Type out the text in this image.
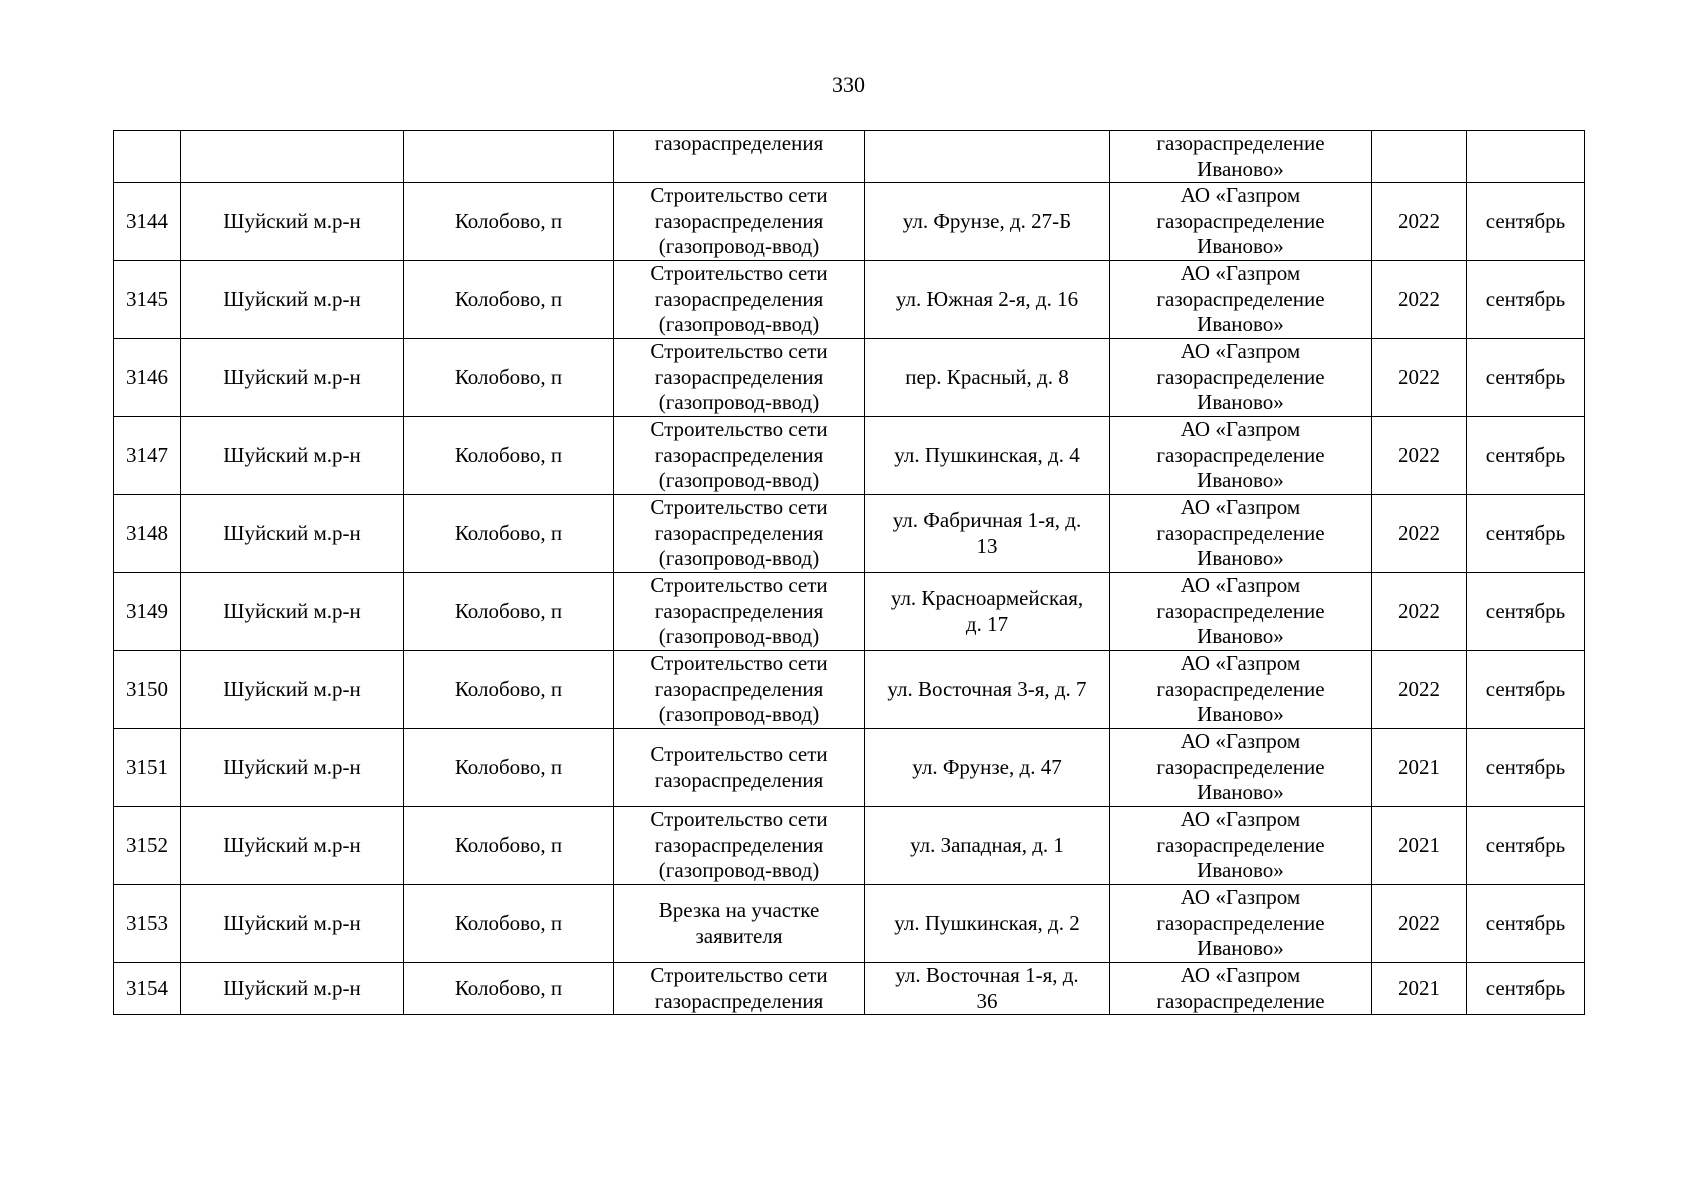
330

			газораспределения		газораспределение
Иваново»		

3144	Шуйский м.р-н	Колобово, п	Строительство сети
газораспределения
(газопровод-ввод)	ул. Фрунзе, д. 27-Б	АО «Газпром
газораспределение
Иваново»	2022	сентябрь

3145	Шуйский м.р-н	Колобово, п	Строительство сети
газораспределения
(газопровод-ввод)	ул. Южная 2-я, д. 16	АО «Газпром
газораспределение
Иваново»	2022	сентябрь

3146	Шуйский м.р-н	Колобово, п	Строительство сети
газораспределения
(газопровод-ввод)	пер. Красный, д. 8	АО «Газпром
газораспределение
Иваново»	2022	сентябрь

3147	Шуйский м.р-н	Колобово, п	Строительство сети
газораспределения
(газопровод-ввод)	ул. Пушкинская, д. 4	АО «Газпром
газораспределение
Иваново»	2022	сентябрь

3148	Шуйский м.р-н	Колобово, п	Строительство сети
газораспределения
(газопровод-ввод)	ул. Фабричная 1-я, д.
13	АО «Газпром
газораспределение
Иваново»	2022	сентябрь

3149	Шуйский м.р-н	Колобово, п	Строительство сети
газораспределения
(газопровод-ввод)	ул. Красноармейская,
д. 17	АО «Газпром
газораспределение
Иваново»	2022	сентябрь

3150	Шуйский м.р-н	Колобово, п	Строительство сети
газораспределения
(газопровод-ввод)	ул. Восточная 3-я, д. 7	АО «Газпром
газораспределение
Иваново»	2022	сентябрь

3151	Шуйский м.р-н	Колобово, п	Строительство сети
газораспределения	ул. Фрунзе, д. 47	АО «Газпром
газораспределение
Иваново»	2021	сентябрь

3152	Шуйский м.р-н	Колобово, п	Строительство сети
газораспределения
(газопровод-ввод)	ул. Западная, д. 1	АО «Газпром
газораспределение
Иваново»	2021	сентябрь

3153	Шуйский м.р-н	Колобово, п	Врезка на участке
заявителя	ул. Пушкинская, д. 2	АО «Газпром
газораспределение
Иваново»	2022	сентябрь

3154	Шуйский м.р-н	Колобово, п	Строительство сети
газораспределения	ул. Восточная 1-я, д.
36	АО «Газпром
газораспределение	2021	сентябрь
